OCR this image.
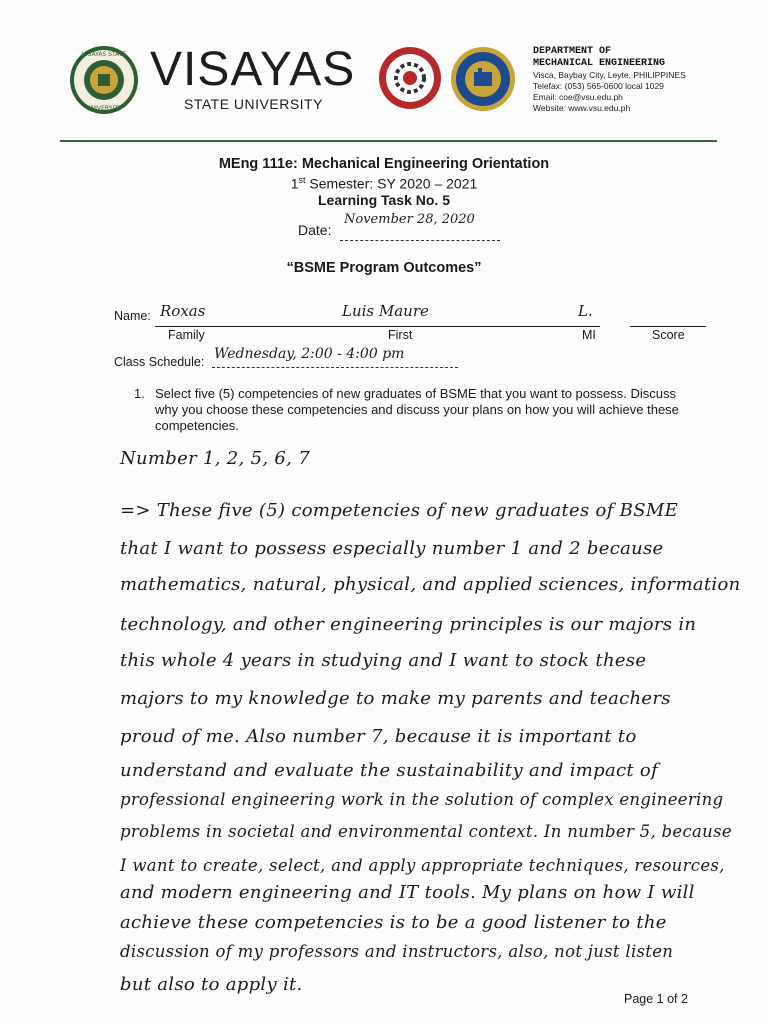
VISAYAS STATE
UNIVERSITY
VISAYAS
STATE UNIVERSITY
DEPARTMENT OF
MECHANICAL ENGINEERING
Visca, Baybay City, Leyte, PHILIPPINES
Telefax: (053) 565-0600 local 1029
Email: coe@vsu.edu.ph
Website: www.vsu.edu.ph
MEng 111e: Mechanical Engineering Orientation
1st Semester: SY 2020 – 2021
Learning Task No. 5
Date:
November 28, 2020
“BSME Program Outcomes”
Name: Roxas	Luis Maure	L.
Family	First	MI	Score
Class Schedule: Wednesday, 2:00 - 4:00 pm
1. Select five (5) competencies of new graduates of BSME that you want to possess. Discuss why you choose these competencies and discuss your plans on how you will achieve these competencies.
Number 1, 2, 5, 6, 7
=> These five (5) competencies of new graduates of BSME
that I want to possess especially number 1 and 2 because
mathematics, natural, physical, and applied sciences, information
technology, and other engineering principles is our majors in
this whole 4 years in studying and I want to stock these
majors to my knowledge to make my parents and teachers
proud of me. Also number 7, because it is important to
understand and evaluate the sustainability and impact of
professional engineering work in the solution of complex engineering
problems in societal and environmental context. In number 5, because
I want to create, select, and apply appropriate techniques, resources,
and modern engineering and IT tools. My plans on how I will
achieve these competencies is to be a good listener to the
discussion of my professors and instructors, also, not just listen
but also to apply it.
Page 1 of 2
